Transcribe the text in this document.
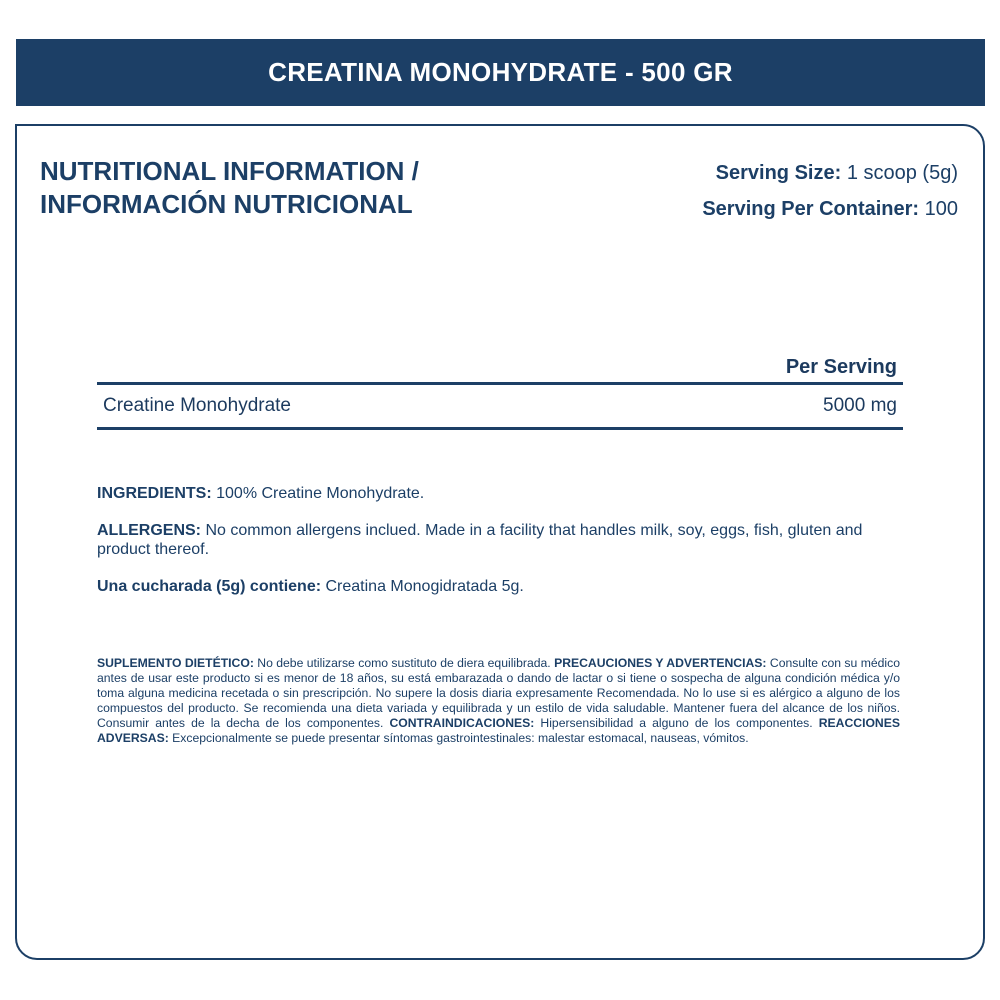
CREATINA MONOHYDRATE - 500 GR
NUTRITIONAL INFORMATION /
INFORMACIÓN NUTRICIONAL
Serving Size: 1 scoop (5g)
Serving Per Container: 100
Per Serving
Creatine Monohydrate	5000 mg

INGREDIENTS: 100% Creatine Monohydrate.

ALLERGENS: No common allergens inclued. Made in a facility that handles milk, soy, eggs, fish, gluten and product thereof.

Una cucharada (5g) contiene: Creatina Monogidratada 5g.

SUPLEMENTO DIETÉTICO: No debe utilizarse como sustituto de diera equilibrada. PRECAUCIONES Y ADVERTENCIAS: Consulte con su médico antes de usar este producto si es menor de 18 años, su está embarazada o dando de lactar o si tiene o sospecha de alguna condición médica y/o toma alguna medicina recetada o sin prescripción. No supere la dosis diaria expresamente Recomendada. No lo use si es alérgico a alguno de los compuestos del producto. Se recomienda una dieta variada y equilibrada y un estilo de vida saludable. Mantener fuera del alcance de los niños. Consumir antes de la decha de los componentes. CONTRAINDICACIONES: Hipersensibilidad a alguno de los componentes. REACCIONES ADVERSAS: Excepcionalmente se puede presentar síntomas gastrointestinales: malestar estomacal, nauseas, vómitos.
